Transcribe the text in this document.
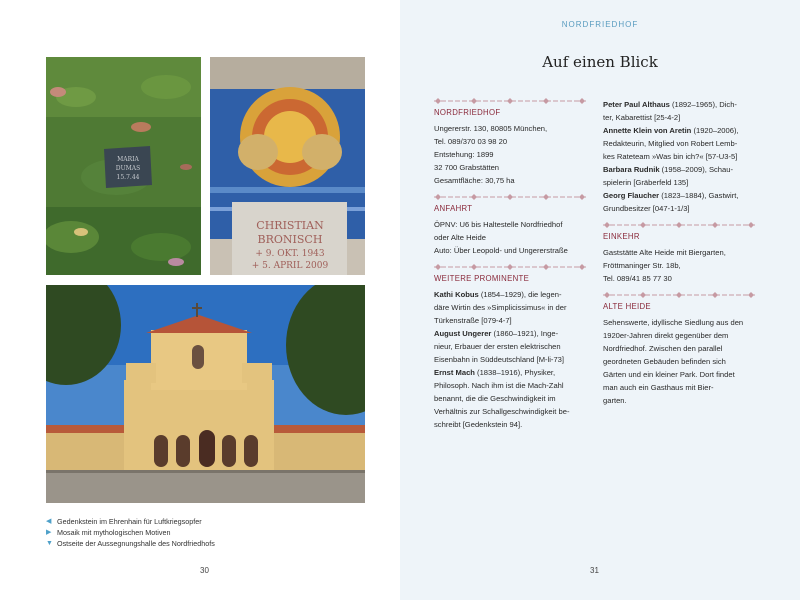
MARIA
DUMAS
15.7.44
CHRISTIAN
BRONISCH
+ 9. OKT. 1943
+ 5. APRIL 2009
◀ Gedenkstein im Ehrenhain für Luftkriegsopfer
▶ Mosaik mit mythologischen Motiven
▼ Ostseite der Aussegnungshalle des Nordfriedhofs
30
NORDFRIEDHOF
Auf einen Blick
NORDFRIEDHOF
Ungererstr. 130, 80805 München,
Tel. 089/370 03 98 20
Entstehung: 1899
32 700 Grabstätten
Gesamtfläche: 30,75 ha
ANFAHRT
ÖPNV: U6 bis Haltestelle Nordfriedhof
oder Alte Heide
Auto: Über Leopold- und Ungererstraße
WEITERE PROMINENTE
Kathi Kobus (1854–1929), die legen-
däre Wirtin des »Simplicissimus« in der
Türkenstraße [079-4-7]
August Ungerer (1860–1921), Inge-
nieur, Erbauer der ersten elektrischen
Eisenbahn in Süddeutschland [M-li-73]
Ernst Mach (1838–1916), Physiker,
Philosoph. Nach ihm ist die Mach-Zahl
benannt, die die Geschwindigkeit im
Verhältnis zur Schallgeschwindigkeit be-
schreibt [Gedenkstein 94].
Peter Paul Althaus (1892–1965), Dich-
ter, Kabarettist [25-4-2]
Annette Klein von Aretin (1920–2006),
Redakteurin, Mitglied von Robert Lemb-
kes Rateteam »Was bin ich?« [57-U3-5]
Barbara Rudnik (1958–2009), Schau-
spielerin [Gräberfeld 135]
Georg Flaucher (1823–1884), Gastwirt,
Grundbesitzer [047-1-1/3]
EINKEHR
Gaststätte Alte Heide mit Biergarten,
Fröttmaninger Str. 18b,
Tel. 089/41 85 77 30
ALTE HEIDE
Sehenswerte, idyllische Siedlung aus den
1920er-Jahren direkt gegenüber dem
Nordfriedhof. Zwischen den parallel
geordneten Gebäuden befinden sich
Gärten und ein kleiner Park. Dort findet
man auch ein Gasthaus mit Bier-
garten.
31
